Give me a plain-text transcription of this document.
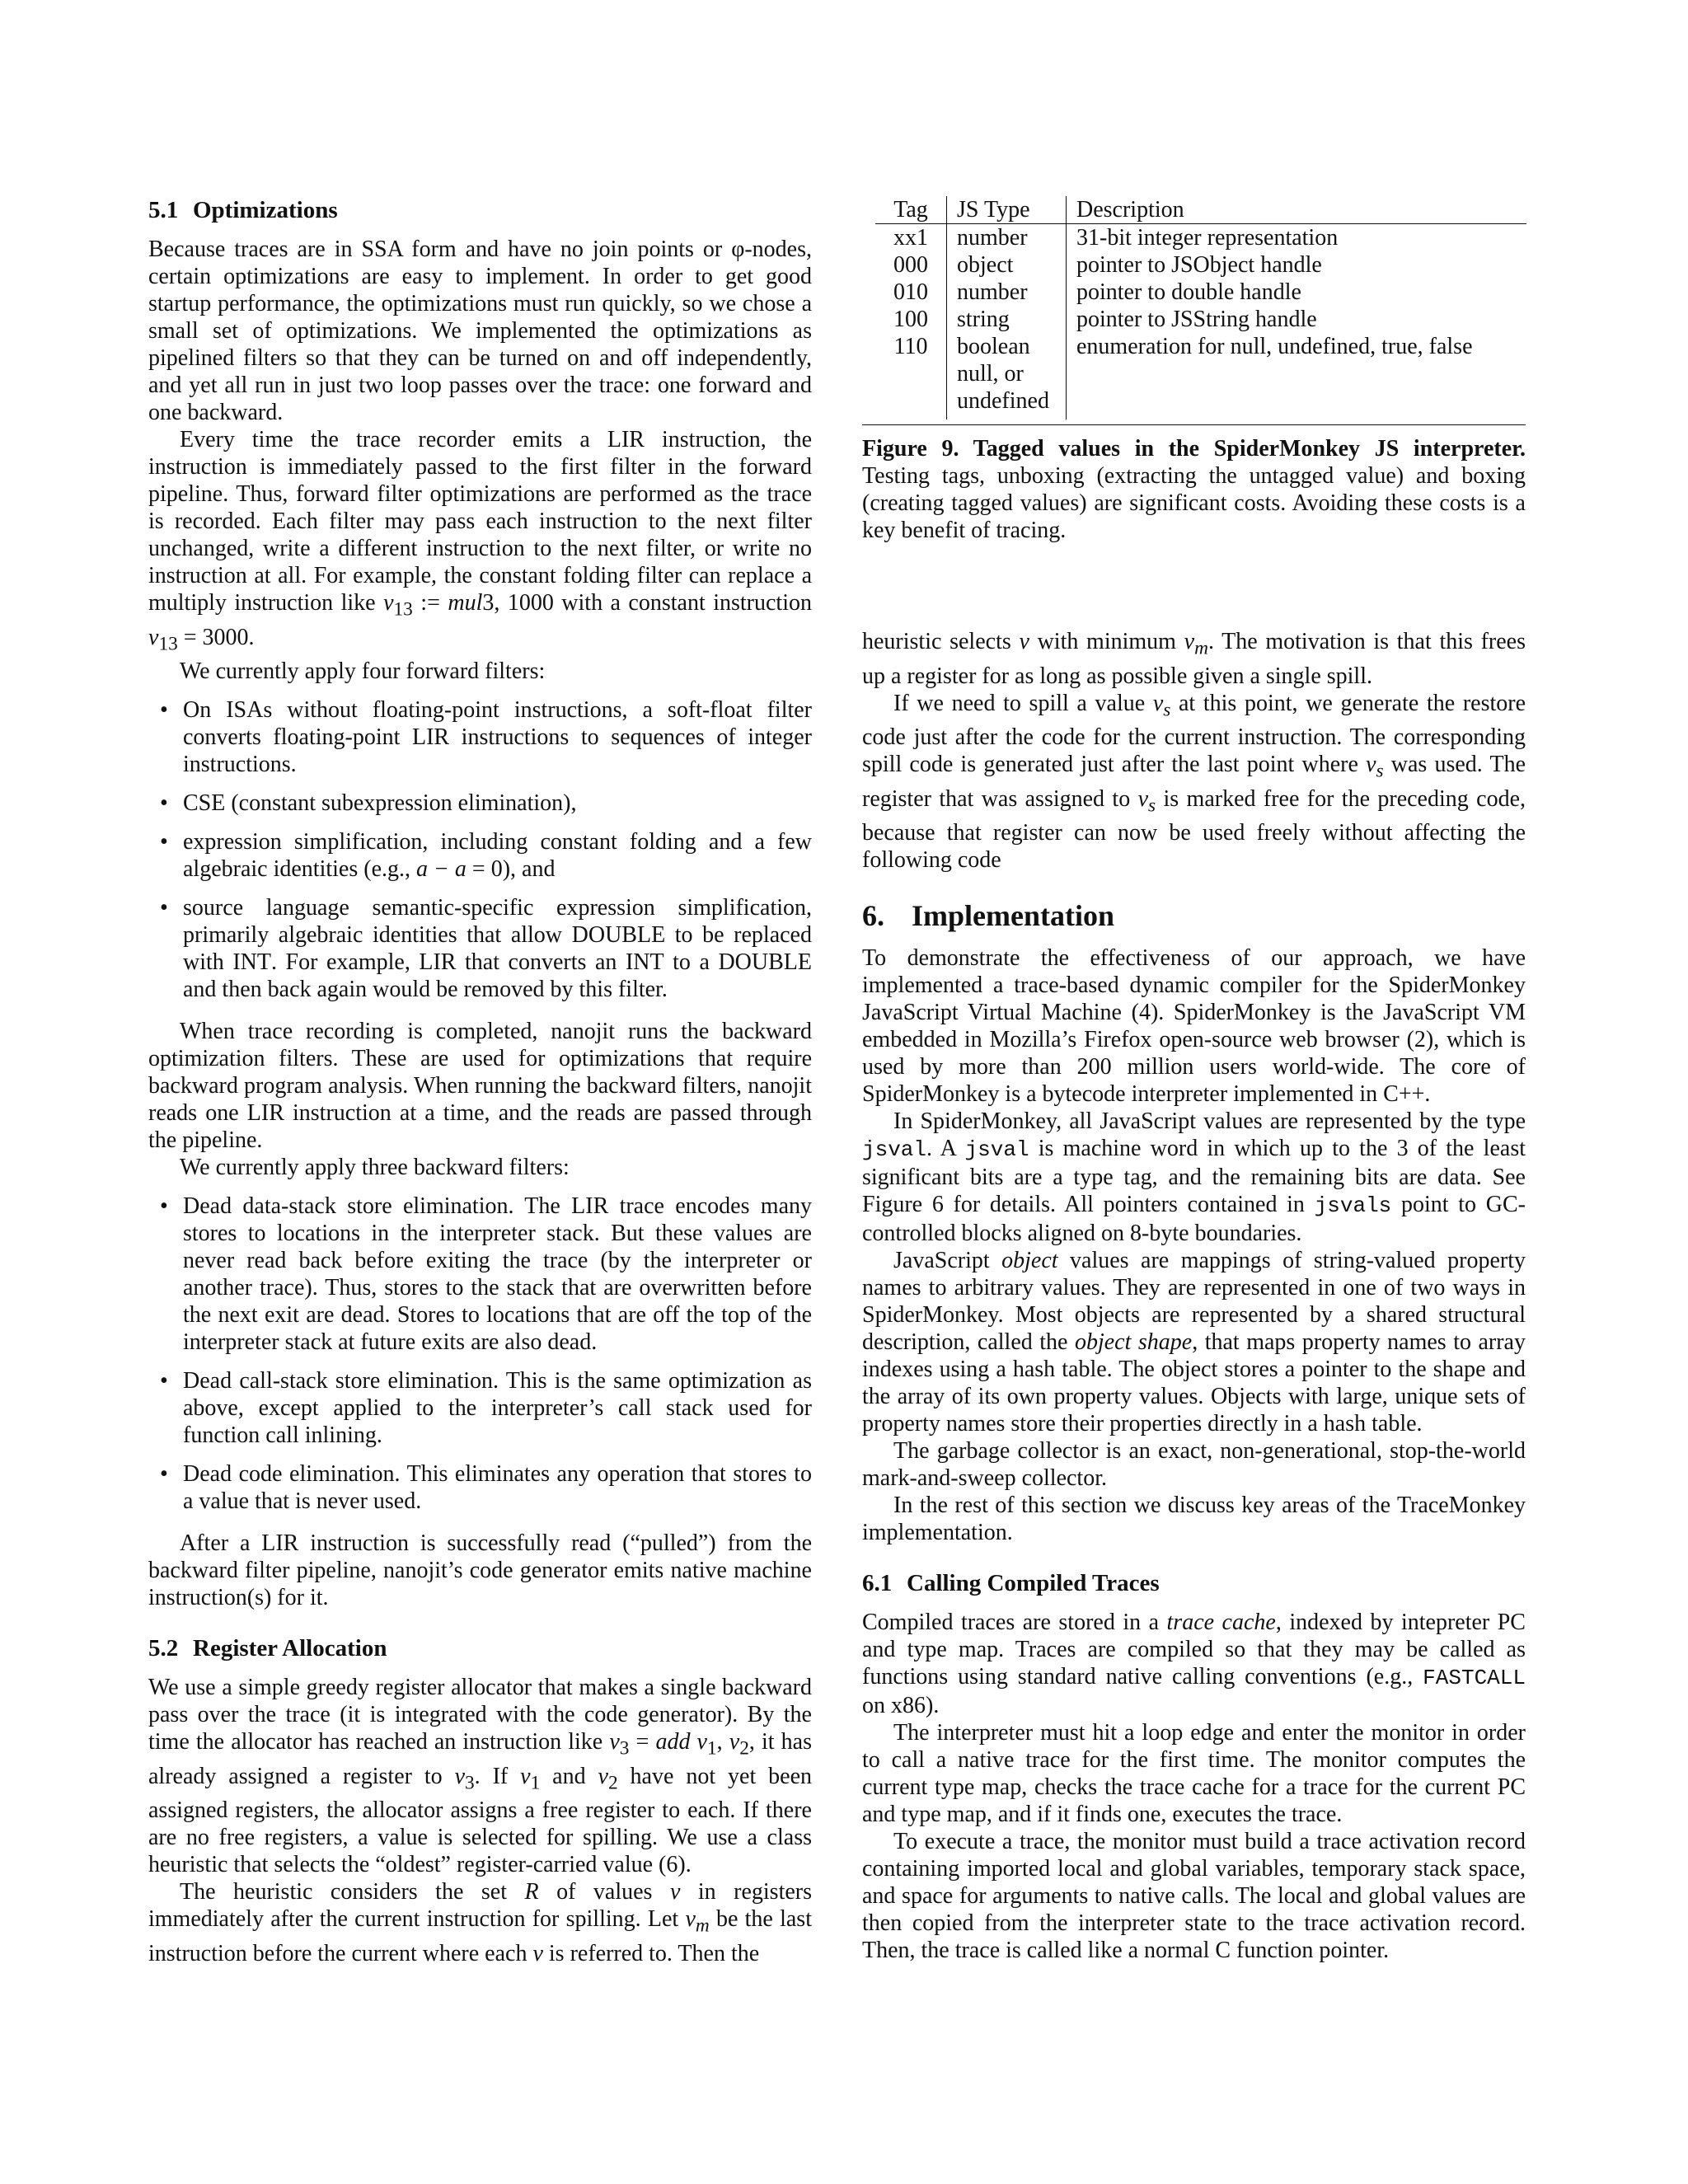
5.1 Optimizations

Because traces are in SSA form and have no join points or φ-nodes, certain optimizations are easy to implement. In order to get good startup performance, the optimizations must run quickly, so we chose a small set of optimizations. We implemented the optimizations as pipelined filters so that they can be turned on and off independently, and yet all run in just two loop passes over the trace: one forward and one backward.

Every time the trace recorder emits a LIR instruction, the instruction is immediately passed to the first filter in the forward pipeline. Thus, forward filter optimizations are performed as the trace is recorded. Each filter may pass each instruction to the next filter unchanged, write a different instruction to the next filter, or write no instruction at all. For example, the constant folding filter can replace a multiply instruction like $v_{13}$ := mul3, 1000 with a constant instruction $v_{13} = 3000$.

We currently apply four forward filters:

• On ISAs without floating-point instructions, a soft-float filter converts floating-point LIR instructions to sequences of integer instructions.
• CSE (constant subexpression elimination),
• expression simplification, including constant folding and a few algebraic identities (e.g., a − a = 0), and
• source language semantic-specific expression simplification, primarily algebraic identities that allow DOUBLE to be replaced with INT. For example, LIR that converts an INT to a DOUBLE and then back again would be removed by this filter.

When trace recording is completed, nanojit runs the backward optimization filters. These are used for optimizations that require backward program analysis. When running the backward filters, nanojit reads one LIR instruction at a time, and the reads are passed through the pipeline.

We currently apply three backward filters:

• Dead data-stack store elimination. The LIR trace encodes many stores to locations in the interpreter stack. But these values are never read back before exiting the trace (by the interpreter or another trace). Thus, stores to the stack that are overwritten before the next exit are dead. Stores to locations that are off the top of the interpreter stack at future exits are also dead.
• Dead call-stack store elimination. This is the same optimization as above, except applied to the interpreter’s call stack used for function call inlining.
• Dead code elimination. This eliminates any operation that stores to a value that is never used.

After a LIR instruction is successfully read (“pulled”) from the backward filter pipeline, nanojit’s code generator emits native machine instruction(s) for it.

5.2 Register Allocation

We use a simple greedy register allocator that makes a single backward pass over the trace (it is integrated with the code generator). By the time the allocator has reached an instruction like $v_3$ = add $v_1$, $v_2$, it has already assigned a register to $v_3$. If $v_1$ and $v_2$ have not yet been assigned registers, the allocator assigns a free register to each. If there are no free registers, a value is selected for spilling. We use a class heuristic that selects the “oldest” register-carried value (6).

The heuristic considers the set R of values v in registers immediately after the current instruction for spilling. Let $v_m$ be the last instruction before the current where each v is referred to. Then the

Tag	JS Type	Description
xx1	number	31-bit integer representation
000	object	pointer to JSObject handle
010	number	pointer to double handle
100	string	pointer to JSString handle
110	boolean	enumeration for null, undefined, true, false
	null, or	
	undefined	

Figure 9. Tagged values in the SpiderMonkey JS interpreter. Testing tags, unboxing (extracting the untagged value) and boxing (creating tagged values) are significant costs. Avoiding these costs is a key benefit of tracing.

heuristic selects v with minimum $v_m$. The motivation is that this frees up a register for as long as possible given a single spill.

If we need to spill a value $v_s$ at this point, we generate the restore code just after the code for the current instruction. The corresponding spill code is generated just after the last point where $v_s$ was used. The register that was assigned to $v_s$ is marked free for the preceding code, because that register can now be used freely without affecting the following code

6. Implementation

To demonstrate the effectiveness of our approach, we have implemented a trace-based dynamic compiler for the SpiderMonkey JavaScript Virtual Machine (4). SpiderMonkey is the JavaScript VM embedded in Mozilla’s Firefox open-source web browser (2), which is used by more than 200 million users world-wide. The core of SpiderMonkey is a bytecode interpreter implemented in C++.

In SpiderMonkey, all JavaScript values are represented by the type jsval. A jsval is machine word in which up to the 3 of the least significant bits are a type tag, and the remaining bits are data. See Figure 6 for details. All pointers contained in jsvals point to GC-controlled blocks aligned on 8-byte boundaries.

JavaScript object values are mappings of string-valued property names to arbitrary values. They are represented in one of two ways in SpiderMonkey. Most objects are represented by a shared structural description, called the object shape, that maps property names to array indexes using a hash table. The object stores a pointer to the shape and the array of its own property values. Objects with large, unique sets of property names store their properties directly in a hash table.

The garbage collector is an exact, non-generational, stop-the-world mark-and-sweep collector.

In the rest of this section we discuss key areas of the TraceMonkey implementation.

6.1 Calling Compiled Traces

Compiled traces are stored in a trace cache, indexed by intepreter PC and type map. Traces are compiled so that they may be called as functions using standard native calling conventions (e.g., FASTCALL on x86).

The interpreter must hit a loop edge and enter the monitor in order to call a native trace for the first time. The monitor computes the current type map, checks the trace cache for a trace for the current PC and type map, and if it finds one, executes the trace.

To execute a trace, the monitor must build a trace activation record containing imported local and global variables, temporary stack space, and space for arguments to native calls. The local and global values are then copied from the interpreter state to the trace activation record. Then, the trace is called like a normal C function pointer.
